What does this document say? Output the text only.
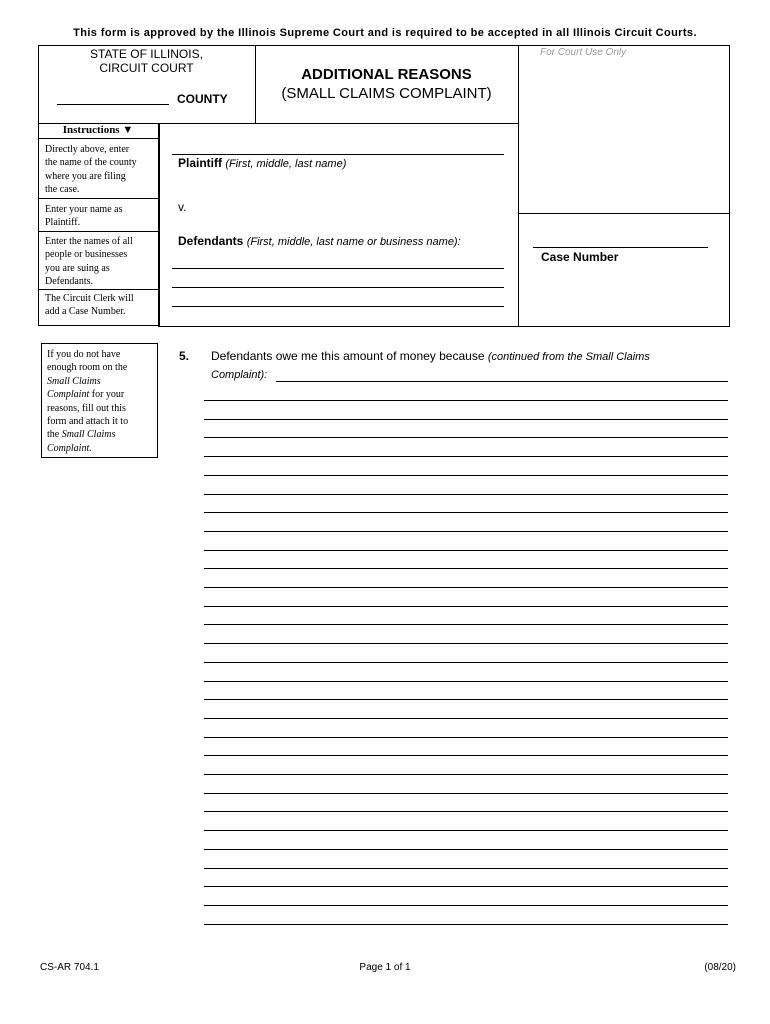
This form is approved by the Illinois Supreme Court and is required to be accepted in all Illinois Circuit Courts.
STATE OF ILLINOIS,
CIRCUIT COURT
COUNTY
ADDITIONAL REASONS
(SMALL CLAIMS COMPLAINT)
For Court Use Only
Instructions ▼
Directly above, enter
the name of the county
where you are filing
the case.
Enter your name as
Plaintiff.
Enter the names of all
people or businesses
you are suing as
Defendants.
The Circuit Clerk will
add a Case Number.
Plaintiff (First, middle, last name)
v.
Defendants (First, middle, last name or business name):
Case Number
If you do not have
enough room on the
Small Claims
Complaint for your
reasons, fill out this
form and attach it to
the Small Claims
Complaint.
5. Defendants owe me this amount of money because (continued from the Small Claims
Complaint):
CS-AR 704.1	Page 1 of 1	(08/20)
